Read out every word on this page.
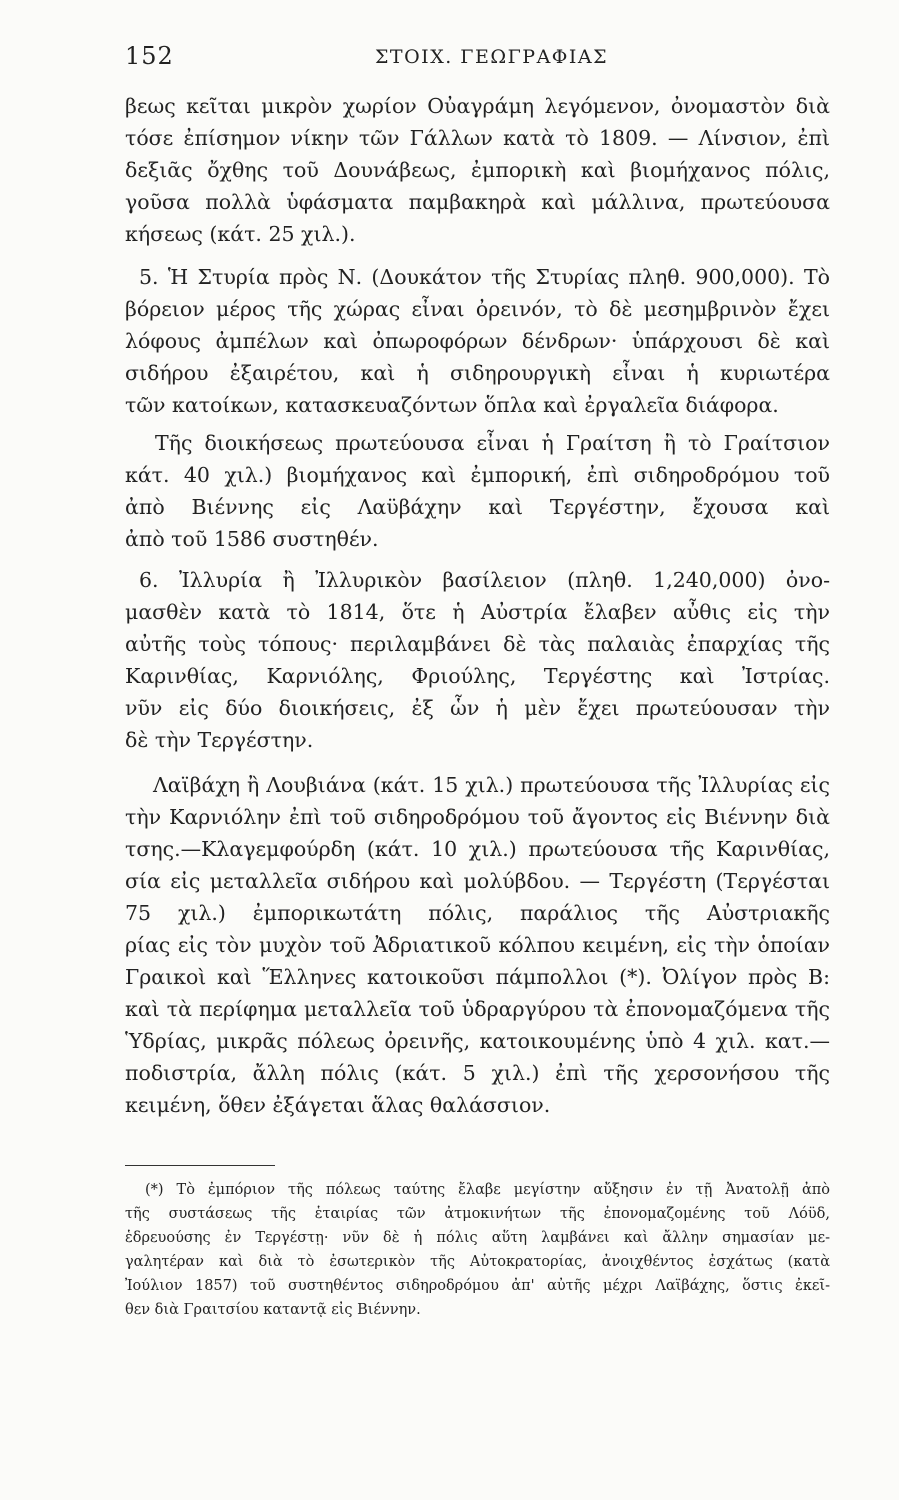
152	ΣΤΟΙΧ. ΓΕΩΓΡΑΦΙΑΣ
βεως κεῖται μικρὸν χωρίον Οὐαγράμη λεγόμενον, ὀνομαστὸν διὰ
τόσε ἐπίσημον νίκην τῶν Γάλλων κατὰ τὸ 1809. — Λίνσιον, ἐπὶ
δεξιᾶς ὄχθης τοῦ Δουνάβεως, ἐμπορικὴ καὶ βιομήχανος πόλις,
γοῦσα πολλὰ ὑφάσματα παμβακηρὰ καὶ μάλλινα, πρωτεύουσα
κήσεως (κάτ. 25 χιλ.).
5. Ἡ Στυρία πρὸς Ν. (Δουκάτον τῆς Στυρίας πληθ. 900,000). Τὸ
βόρειον μέρος τῆς χώρας εἶναι ὀρεινόν, τὸ δὲ μεσημβρινὸν ἔχει
λόφους ἀμπέλων καὶ ὀπωροφόρων δένδρων· ὑπάρχουσι δὲ καὶ
σιδήρου ἐξαιρέτου, καὶ ἡ σιδηρουργικὴ εἶναι ἡ κυριωτέρα
τῶν κατοίκων, κατασκευαζόντων ὅπλα καὶ ἐργαλεῖα διάφορα.
Τῆς διοικήσεως πρωτεύουσα εἶναι ἡ Γραίτση ἢ τὸ Γραίτσιον
κάτ. 40 χιλ.) βιομήχανος καὶ ἐμπορική, ἐπὶ σιδηροδρόμου τοῦ
ἀπὸ Βιέννης εἰς Λαϋβάχην καὶ Τεργέστην, ἔχουσα καὶ
ἀπὸ τοῦ 1586 συστηθέν.
6. Ἰλλυρία ἢ Ἰλλυρικὸν βασίλειον (πληθ. 1,240,000) ὀνο-
μασθὲν κατὰ τὸ 1814, ὅτε ἡ Αὐστρία ἔλαβεν αὖθις εἰς τὴν
αὐτῆς τοὺς τόπους· περιλαμβάνει δὲ τὰς παλαιὰς ἐπαρχίας τῆς
Καρινθίας, Καρνιόλης, Φριούλης, Τεργέστης καὶ Ἰστρίας.
νῦν εἰς δύο διοικήσεις, ἐξ ὧν ἡ μὲν ἔχει πρωτεύουσαν τὴν
δὲ τὴν Τεργέστην.
Λαϊβάχη ἢ Λουβιάνα (κάτ. 15 χιλ.) πρωτεύουσα τῆς Ἰλλυρίας εἰς
τὴν Καρνιόλην ἐπὶ τοῦ σιδηροδρόμου τοῦ ἄγοντος εἰς Βιέννην διὰ
τσης.—Κλαγεμφούρδη (κάτ. 10 χιλ.) πρωτεύουσα τῆς Καρινθίας,
σία εἰς μεταλλεῖα σιδήρου καὶ μολύβδου. — Τεργέστη (Τεργέσται
75 χιλ.) ἐμπορικωτάτη πόλις, παράλιος τῆς Αὐστριακῆς
ρίας εἰς τὸν μυχὸν τοῦ Ἀδριατικοῦ κόλπου κειμένη, εἰς τὴν ὁποίαν
Γραικοὶ καὶ Ἕλληνες κατοικοῦσι πάμπολλοι (*). Ὀλίγον πρὸς Β:
καὶ τὰ περίφημα μεταλλεῖα τοῦ ὑδραργύρου τὰ ἐπονομαζόμενα τῆς
Ὑδρίας, μικρᾶς πόλεως ὀρεινῆς, κατοικουμένης ὑπὸ 4 χιλ. κατ.—
ποδιστρία, ἄλλη πόλις (κάτ. 5 χιλ.) ἐπὶ τῆς χερσονήσου τῆς
κειμένη, ὅθεν ἐξάγεται ἅλας θαλάσσιον.
(*) Τὸ ἐμπόριον τῆς πόλεως ταύτης ἔλαβε μεγίστην αὔξησιν ἐν τῇ Ἀνατολῇ ἀπὸ
τῆς συστάσεως τῆς ἑταιρίας τῶν ἀτμοκινήτων τῆς ἐπονομαζομένης τοῦ Λόϋδ,
ἑδρευούσης ἐν Τεργέστῃ· νῦν δὲ ἡ πόλις αὕτη λαμβάνει καὶ ἄλλην σημασίαν με-
γαλητέραν καὶ διὰ τὸ ἐσωτερικὸν τῆς Αὐτοκρατορίας, ἀνοιχθέντος ἐσχάτως (κατὰ
Ἰούλιον 1857) τοῦ συστηθέντος σιδηροδρόμου ἀπ' αὐτῆς μέχρι Λαϊβάχης, ὅστις ἐκεῖ-
θεν διὰ Γραιτσίου καταντᾷ εἰς Βιέννην.
